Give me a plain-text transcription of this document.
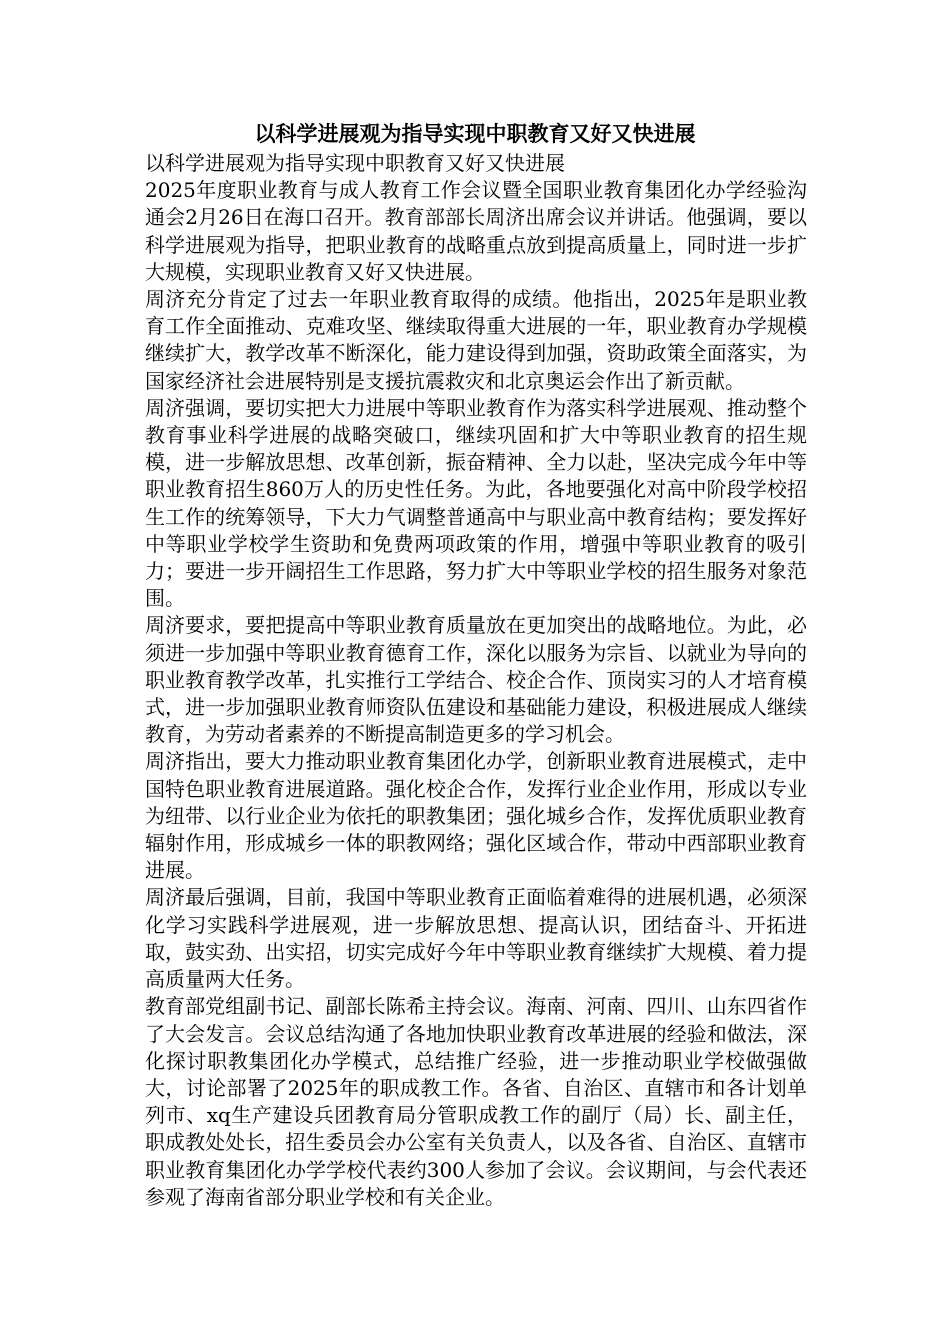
以科学进展观为指导实现中职教育又好又快进展

以科学进展观为指导实现中职教育又好又快进展

2025年度职业教育与成人教育工作会议暨全国职业教育集团化办学经验沟通会2月26日在海口召开。教育部部长周济出席会议并讲话。他强调，要以科学进展观为指导，把职业教育的战略重点放到提高质量上，同时进一步扩大规模，实现职业教育又好又快进展。

周济充分肯定了过去一年职业教育取得的成绩。他指出，2025年是职业教育工作全面推动、克难攻坚、继续取得重大进展的一年，职业教育办学规模继续扩大，教学改革不断深化，能力建设得到加强，资助政策全面落实，为国家经济社会进展特别是支援抗震救灾和北京奥运会作出了新贡献。

周济强调，要切实把大力进展中等职业教育作为落实科学进展观、推动整个教育事业科学进展的战略突破口，继续巩固和扩大中等职业教育的招生规模，进一步解放思想、改革创新，振奋精神、全力以赴，坚决完成今年中等职业教育招生860万人的历史性任务。为此，各地要强化对高中阶段学校招生工作的统筹领导，下大力气调整普通高中与职业高中教育结构；要发挥好中等职业学校学生资助和免费两项政策的作用，增强中等职业教育的吸引力；要进一步开阔招生工作思路，努力扩大中等职业学校的招生服务对象范围。

周济要求，要把提高中等职业教育质量放在更加突出的战略地位。为此，必须进一步加强中等职业教育德育工作，深化以服务为宗旨、以就业为导向的职业教育教学改革，扎实推行工学结合、校企合作、顶岗实习的人才培育模式，进一步加强职业教育师资队伍建设和基础能力建设，积极进展成人继续教育，为劳动者素养的不断提高制造更多的学习机会。

周济指出，要大力推动职业教育集团化办学，创新职业教育进展模式，走中国特色职业教育进展道路。强化校企合作，发挥行业企业作用，形成以专业为纽带、以行业企业为依托的职教集团；强化城乡合作，发挥优质职业教育辐射作用，形成城乡一体的职教网络；强化区域合作，带动中西部职业教育进展。

周济最后强调，目前，我国中等职业教育正面临着难得的进展机遇，必须深化学习实践科学进展观，进一步解放思想、提高认识，团结奋斗、开拓进取，鼓实劲、出实招，切实完成好今年中等职业教育继续扩大规模、着力提高质量两大任务。

教育部党组副书记、副部长陈希主持会议。海南、河南、四川、山东四省作了大会发言。会议总结沟通了各地加快职业教育改革进展的经验和做法，深化探讨职教集团化办学模式，总结推广经验，进一步推动职业学校做强做大，讨论部署了2025年的职成教工作。各省、自治区、直辖市和各计划单列市、xq生产建设兵团教育局分管职成教工作的副厅（局）长、副主任，职成教处处长，招生委员会办公室有关负责人，以及各省、自治区、直辖市职业教育集团化办学学校代表约300人参加了会议。会议期间，与会代表还参观了海南省部分职业学校和有关企业。
